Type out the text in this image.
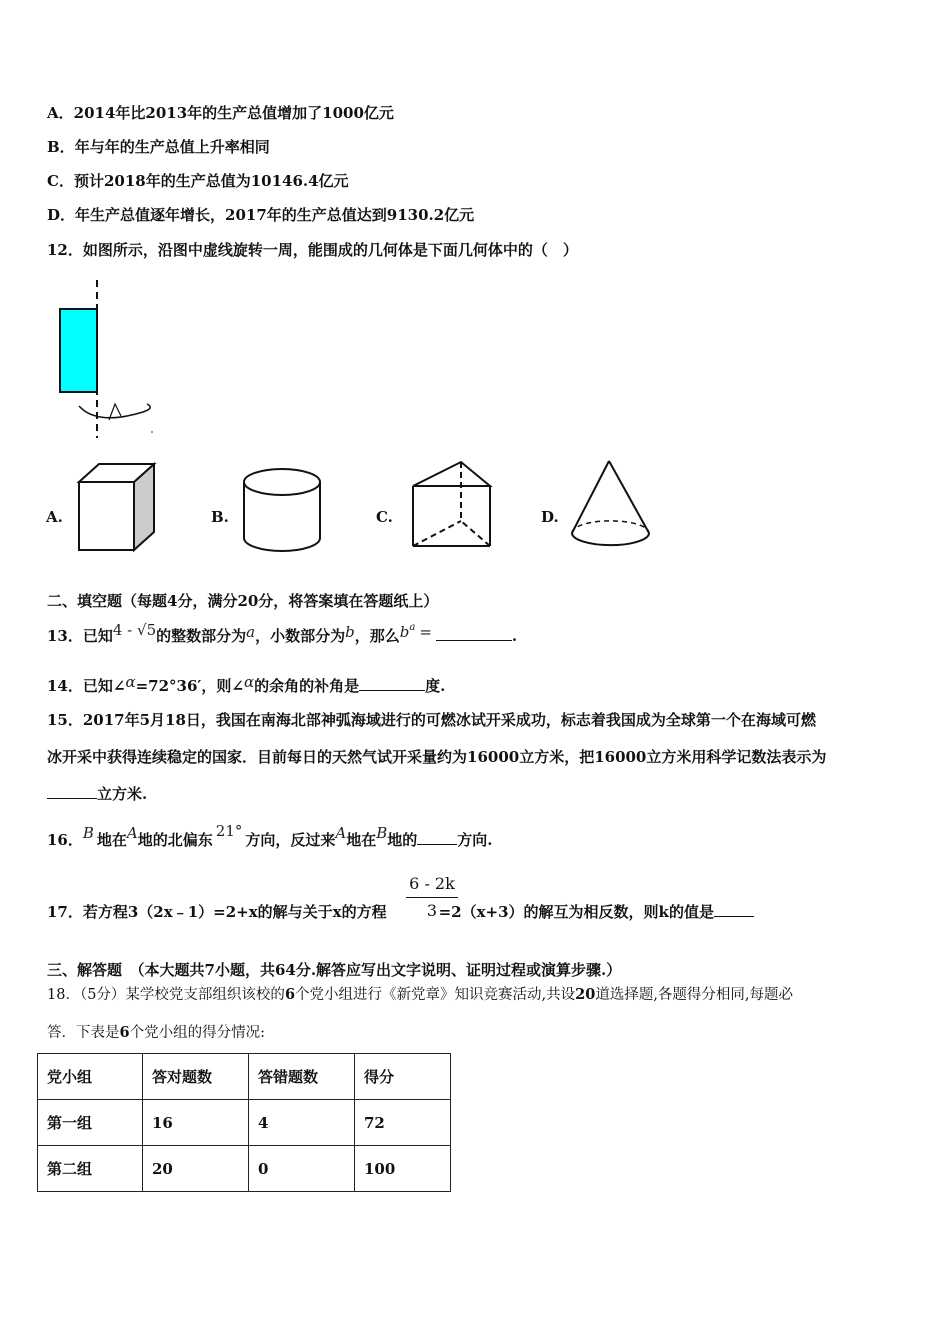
A．2014年比2013年的生产总值增加了1000亿元
B．年与年的生产总值上升率相同
C．预计2018年的生产总值为10146.4亿元
D．年生产总值逐年增长，2017年的生产总值达到9130.2亿元
12．如图所示，沿图中虚线旋转一周，能围成的几何体是下面几何体中的（　）
A.	B.	C.	D.
二、填空题（每题4分，满分20分，将答案填在答题纸上）
13．已知4 - √5的整数部分为a，小数部分为b，那么$b^a$ =	.
14．已知∠α=72°36′，则∠α的余角的补角是	度.
15．2017年5月18日，我国在南海北部神弧海域进行的可燃冰试开采成功，标志着我国成为全球第一个在海域可燃
冰开采中获得连续稳定的国家．目前每日的天然气试开采量约为16000立方米，把16000立方米用科学记数法表示为
立方米.
16．B 地在A地的北偏东 21° 方向，反过来A地在B地的	方向.
17．若方程3（2x﹣1）=2+x的解与关于x的方程	=2（x+3）的解互为相反数，则k的值是
$\frac{6 - 2k}{3}$
三、解答题　（本大题共7小题，共64分.解答应写出文字说明、证明过程或演算步骤.）
18．（5分）某学校党支部组织该校的6个党小组进行《新党章》知识竞赛活动,共设20道选择题,各题得分相同,每题必
答．下表是6个党小组的得分情况:
党小组	答对题数	答错题数	得分
第一组	16	4	72
第二组	20	0	100
